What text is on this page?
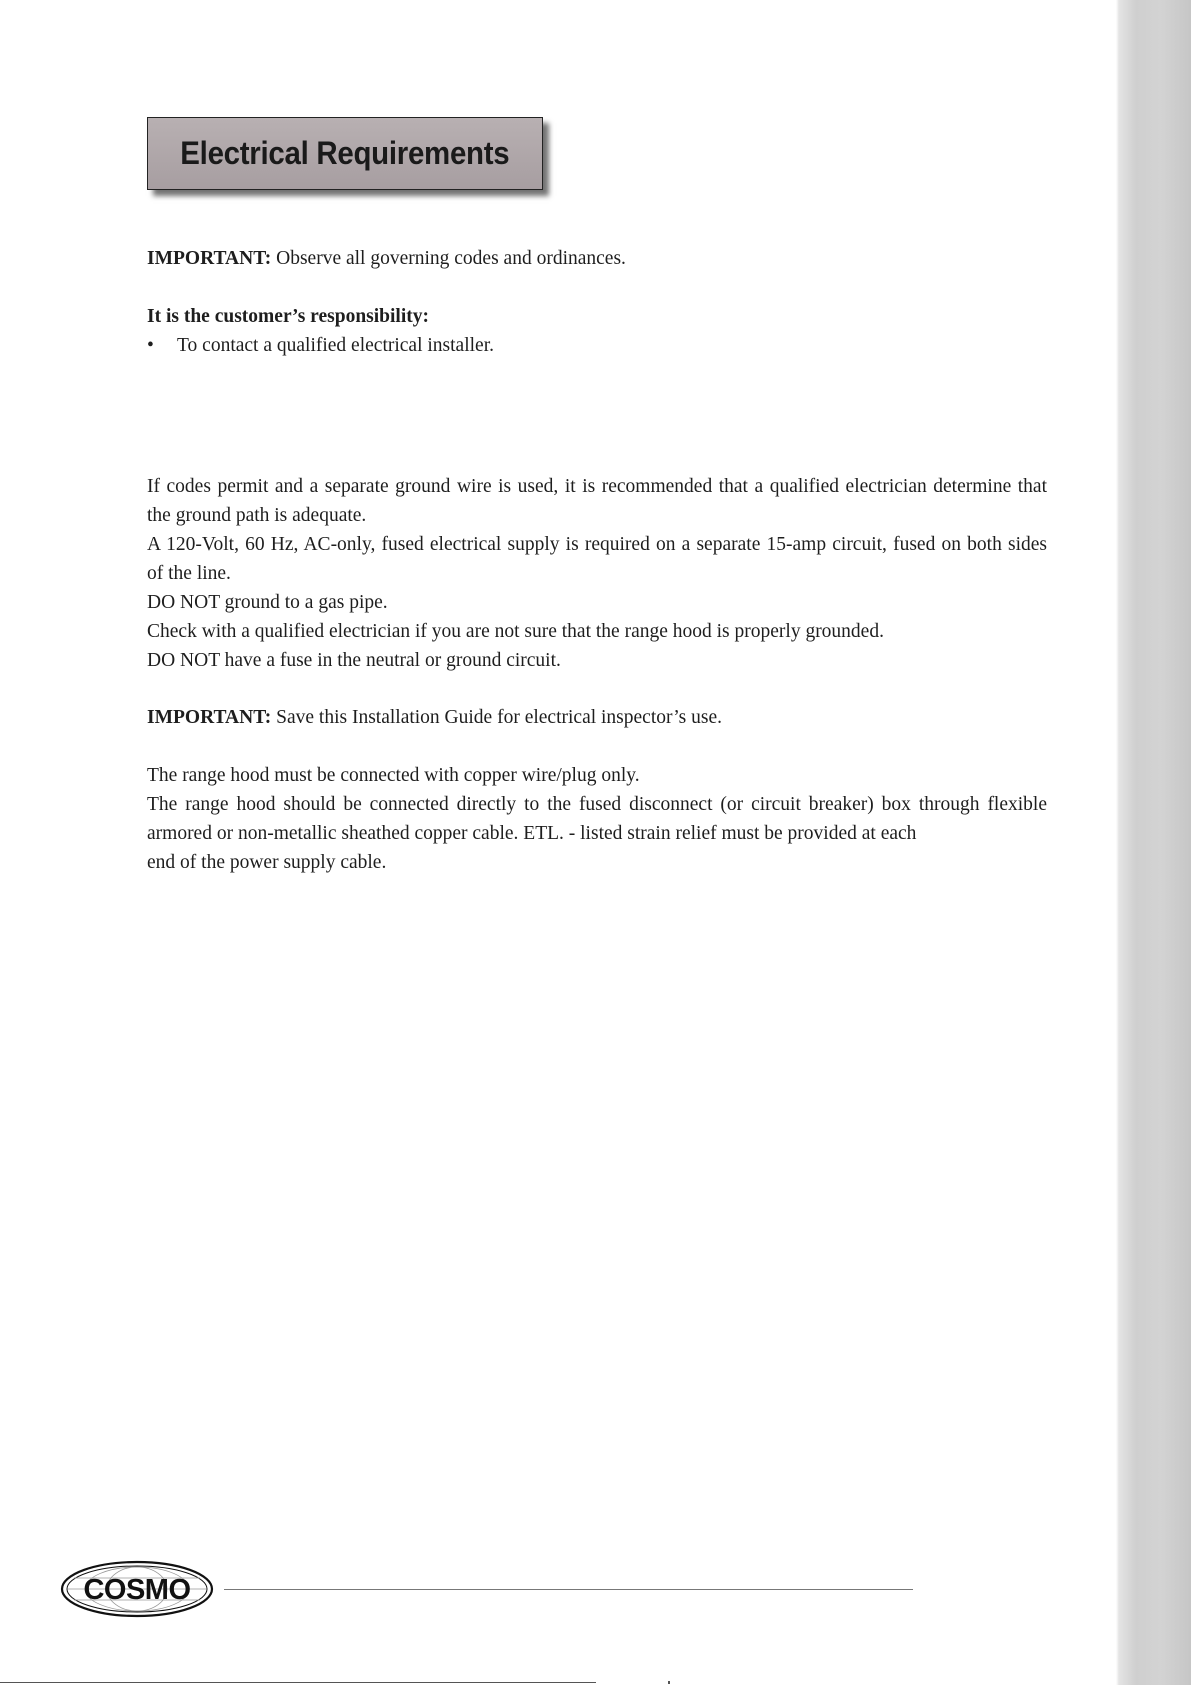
Electrical Requirements

IMPORTANT: Observe all governing codes and ordinances.

It is the customer’s responsibility:
•	To contact a qualified electrical installer.
If codes permit and a separate ground wire is used, it is recommended that a qualified electrician determine that
the ground path is adequate.
A 120-Volt, 60 Hz, AC-only, fused electrical supply is required on a separate 15-amp circuit, fused on both sides
of the line.
DO NOT ground to a gas pipe.
Check with a qualified electrician if you are not sure that the range hood is properly grounded.
DO NOT have a fuse in the neutral or ground circuit.

IMPORTANT: Save this Installation Guide for electrical inspector’s use.

The range hood must be connected with copper wire/plug only.
The range hood should be connected directly to the fused disconnect (or circuit breaker) box through flexible
armored or non-metallic sheathed copper cable. ETL. - listed strain relief must be provided at each
end of the power supply cable.
COSMO
